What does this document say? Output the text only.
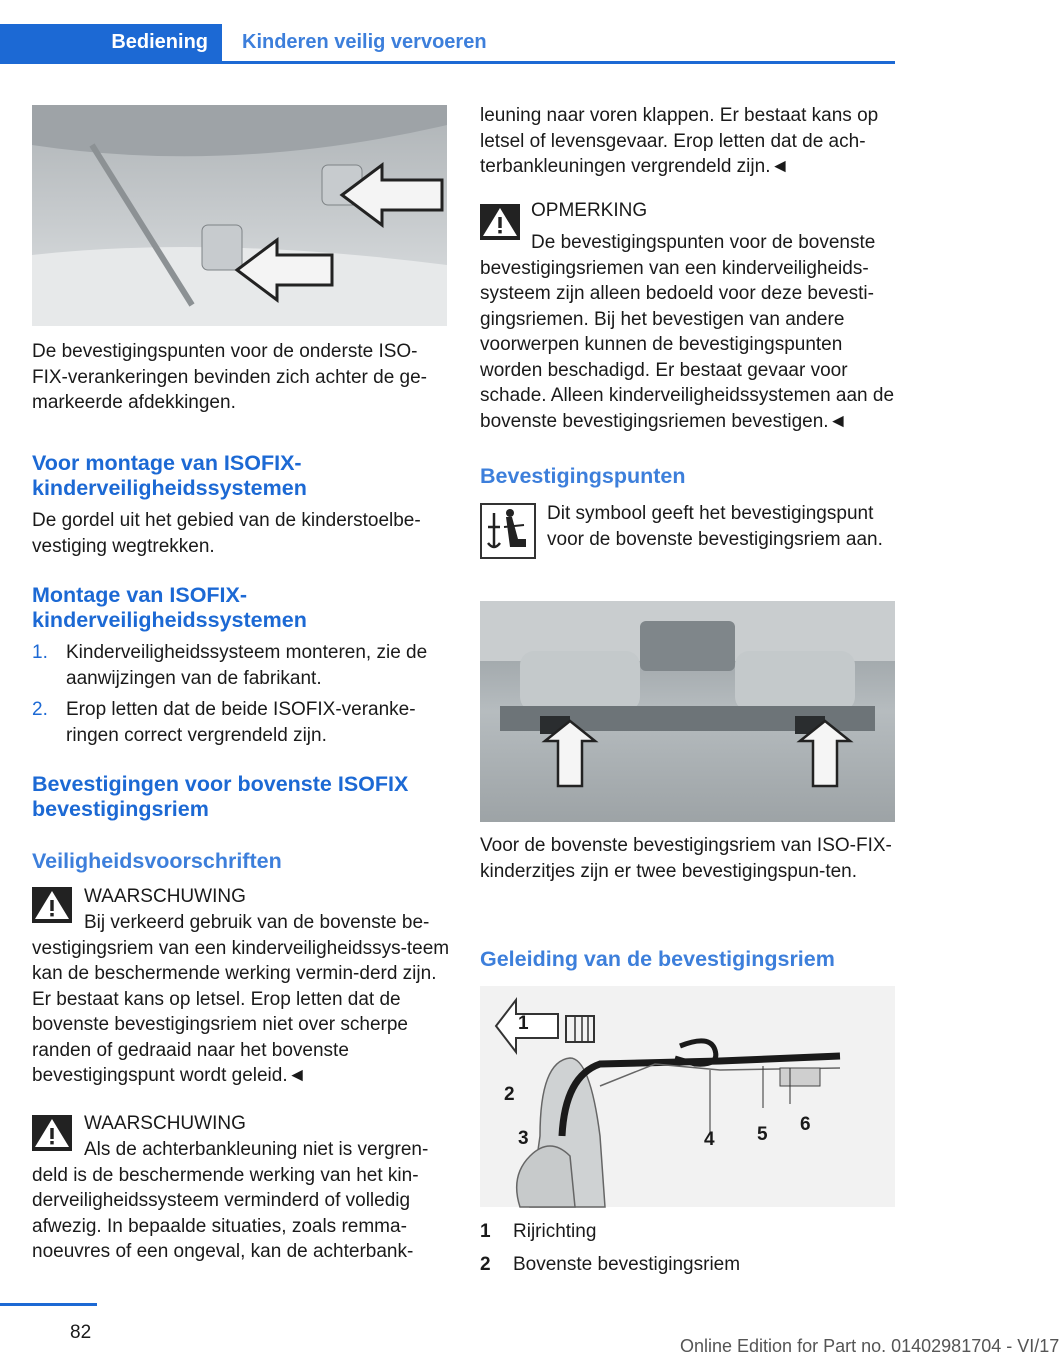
Bediening	Kinderen veilig vervoeren
De bevestigingspunten voor de onderste ISO-FIX-verankeringen bevinden zich achter de ge-markeerde afdekkingen.
Voor montage van ISOFIX-kinderveiligheidssystemen
De gordel uit het gebied van de kinderstoelbe-vestiging wegtrekken.
Montage van ISOFIX-kinderveiligheidssystemen
1. Kinderveiligheidssysteem monteren, zie de aanwijzingen van de fabrikant.
2. Erop letten dat de beide ISOFIX-veranke-ringen correct vergrendeld zijn.
Bevestigingen voor bovenste ISOFIX bevestigingsriem
Veiligheidsvoorschriften
WAARSCHUWING
Bij verkeerd gebruik van de bovenste be-vestigingsriem van een kinderveiligheidssys-teem kan de beschermende werking vermin-derd zijn. Er bestaat kans op letsel. Erop letten dat de bovenste bevestigingsriem niet over scherpe randen of gedraaid naar het bovenste bevestigingspunt wordt geleid.◄
WAARSCHUWING
Als de achterbankleuning niet is vergren-deld is de beschermende werking van het kin-derveiligheidssysteem verminderd of volledig afwezig. In bepaalde situaties, zoals remma-noeuvres of een ongeval, kan de achterbank-
leuning naar voren klappen. Er bestaat kans op letsel of levensgevaar. Erop letten dat de ach-terbankleuningen vergrendeld zijn.◄
OPMERKING
De bevestigingspunten voor de bovenste bevestigingsriemen van een kinderveiligheids-systeem zijn alleen bedoeld voor deze bevesti-gingsriemen. Bij het bevestigen van andere voorwerpen kunnen de bevestigingspunten worden beschadigd. Er bestaat gevaar voor schade. Alleen kinderveiligheidssystemen aan de bovenste bevestigingsriemen bevestigen.◄
Bevestigingspunten
Dit symbool geeft het bevestigingspunt voor de bovenste bevestigingsriem aan.
Voor de bovenste bevestigingsriem van ISO-FIX-kinderzitjes zijn er twee bevestigingspun-ten.
Geleiding van de bevestigingsriem
1
2
3	4 5 6
1 Rijrichting
2 Bovenste bevestigingsriem
82
Online Edition for Part no. 01402981704 - VI/17
